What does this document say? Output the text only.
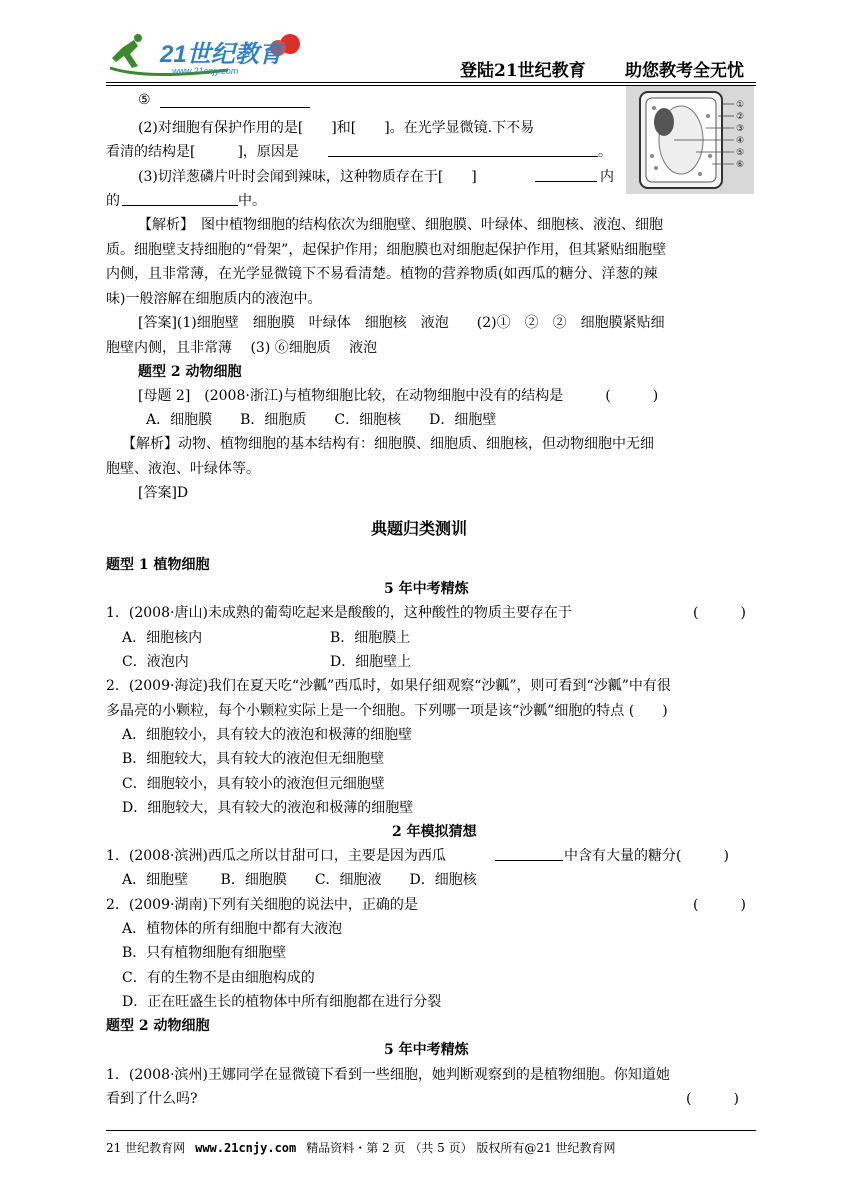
21世纪教育
www.21cnjy.com	登陆21世纪教育 助您教考全无忧
⑤
(2)对细胞有保护作用的是[　　]和[　　]。在光学显微镜.下不易
看清的结构是[　　　]，原因是	。
(3)切洋葱磷片叶时会闻到辣味，这种物质存在于[　　]	内
的	中。
①
②
③
④
⑤
⑥
【解析】　图中植物细胞的结构依次为细胞壁、细胞膜、叶绿体、细胞核、液泡、细胞
质。细胞壁支持细胞的“骨架”，起保护作用；细胞膜也对细胞起保护作用，但其紧贴细胞壁
内侧，且非常薄，在光学显微镜下不易看清楚。植物的营养物质(如西瓜的糖分、洋葱的辣
味)一般溶解在细胞质内的液泡中。
[答案](1)细胞壁　细胞膜　叶绿体　细胞核　液泡　　(2)①　②　②　细胞膜紧贴细
胞壁内侧，且非常薄　 (3) ⑥细胞质　 液泡
题型 2 动物细胞
[母题 2]　(2008·浙江)与植物细胞比较，在动物细胞中没有的结构是　　　(　　　)
A．细胞膜　　B．细胞质　　C．细胞核　　D．细胞壁
【解析】动物、植物细胞的基本结构有：细胞膜、细胞质、细胞核，但动物细胞中无细
胞壁、液泡、叶绿体等。
[答案]D
典题归类测训
题型 1 植物细胞
5 年中考精炼
1．(2008·唐山)未成熟的葡萄吃起来是酸酸的，这种酸性的物质主要存在于	(　　　)
A．细胞核内	B．细胞膜上
C．液泡内	D．细胞壁上
2．(2009·海淀)我们在夏天吃“沙瓤”西瓜时，如果仔细观察“沙瓤”，则可看到“沙瓤”中有很
多晶亮的小颗粒，每个小颗粒实际上是一个细胞。下列哪一项是该“沙瓤”细胞的特点 (　　)
A．细胞较小，具有较大的液泡和极薄的细胞壁
B．细胞较大，具有较大的液泡但无细胞壁
C．细胞较小，具有较小的液泡但元细胞壁
D．细胞较大，具有较大的液泡和极薄的细胞壁
2 年模拟猜想
1．(2008·滨洲)西瓜之所以甘甜可口，主要是因为西瓜	中含有大量的糖分(　　　)
A．细胞壁　　 B．细胞膜　　C．细胞液　　D．细胞核
2．(2009·湖南)下列有关细胞的说法中，正确的是	(　　　)
A．植物体的所有细胞中都有大液泡
B．只有植物细胞有细胞壁
C．有的生物不是由细胞构成的
D．正在旺盛生长的植物体中所有细胞都在进行分裂
题型 2 动物细胞
5 年中考精炼
1．(2008·滨州)王娜同学在显微镜下看到一些细胞，她判断观察到的是植物细胞。你知道她
看到了什么吗?	(　　　)
21 世纪教育网 www.21cnjy.com 精品资料・第 2 页 （共 5 页） 版权所有@21 世纪教育网
